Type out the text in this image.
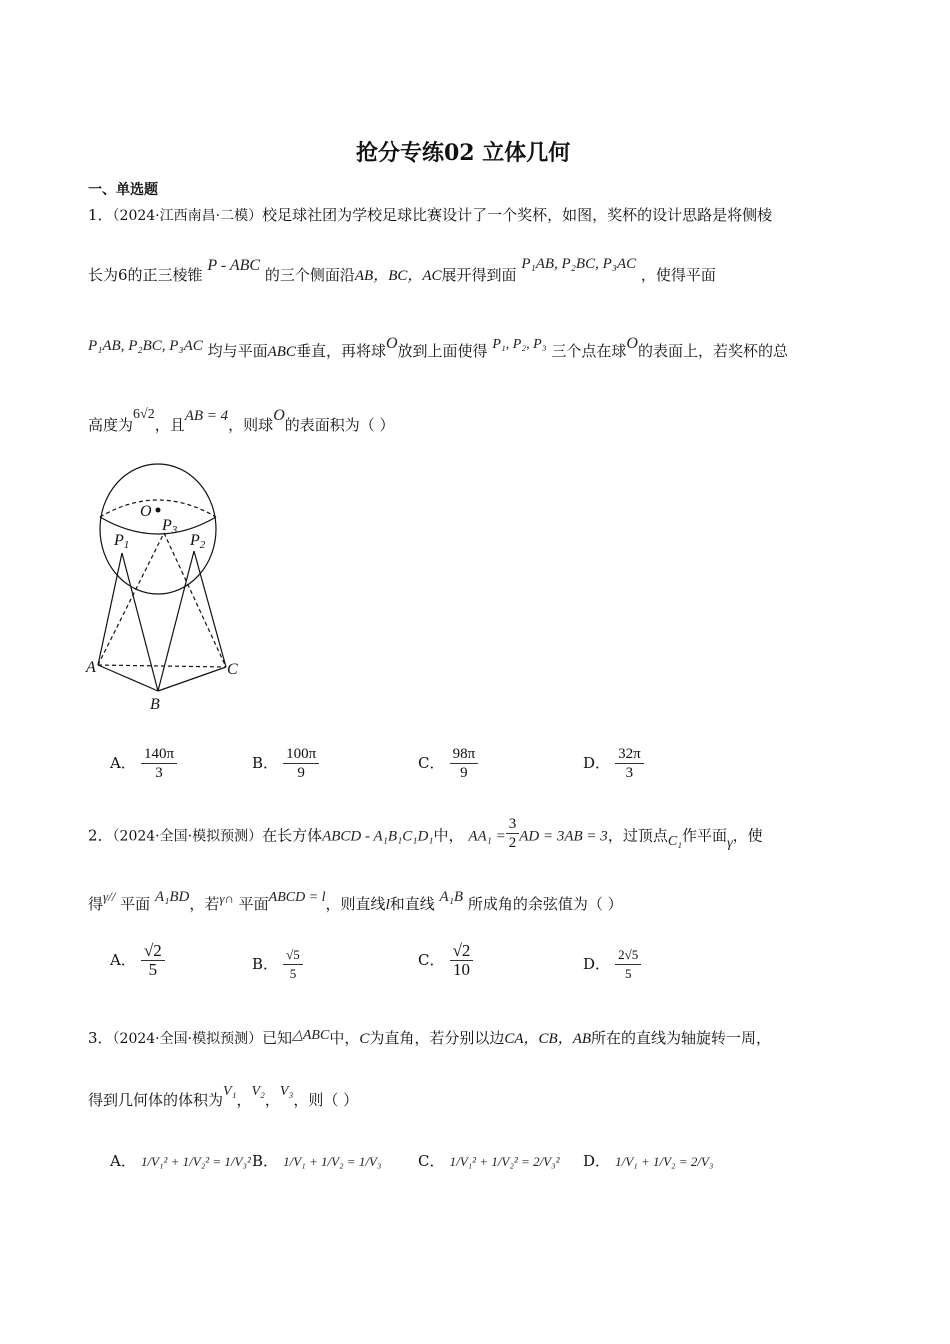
抢分专练02 立体几何
一、单选题
1．（2024·江西南昌·二模）校足球社团为学校足球比赛设计了一个奖杯，如图，奖杯的设计思路是将侧棱
长为6的正三棱锥 P - ABC 的三个侧面沿AB，BC，AC展开得到面 P₁AB, P₂BC, P₃AC ，使得平面
P₁AB, P₂BC, P₃AC 均与平面ABC垂直，再将球O放到上面使得 P₁, P₂, P₃ 三个点在球O的表面上，若奖杯的总
高度为6√2，且AB = 4，则球O的表面积为（ ）
O
P3
P1	P2
A
B
C
A． $\frac{140\pi}{3}$	B． $\frac{100\pi}{9}$	C． $\frac{98\pi}{9}$	D． $\frac{32\pi}{3}$
2．（2024·全国·模拟预测）在长方体ABCD - A₁B₁C₁D₁中， $AA_1 = \frac{3}{2}$ AD = 3AB = 3，过顶点C₁作平面γ，使
得γ// 平面 A₁BD，若γ∩ 平面ABCD = l，则直线l和直线 A₁B 所成角的余弦值为（ ）
A． $\frac{√2}{5}$	B． $\frac{√5}{5}$	C． $\frac{√2}{10}$	D． $\frac{2√5}{5}$
3．（2024·全国·模拟预测）已知△ABC中，C为直角，若分别以边CA，CB，AB所在的直线为轴旋转一周，
得到几何体的体积为V₁，V₂，V₃，则（ ）
A． 1/V₁² + 1/V₂² = 1/V₃² B． 1/V₁ + 1/V₂ = 1/V₃ C． 1/V₁² + 1/V₂² = 2/V₃² D． 1/V₁ + 1/V₂ = 2/V₃
